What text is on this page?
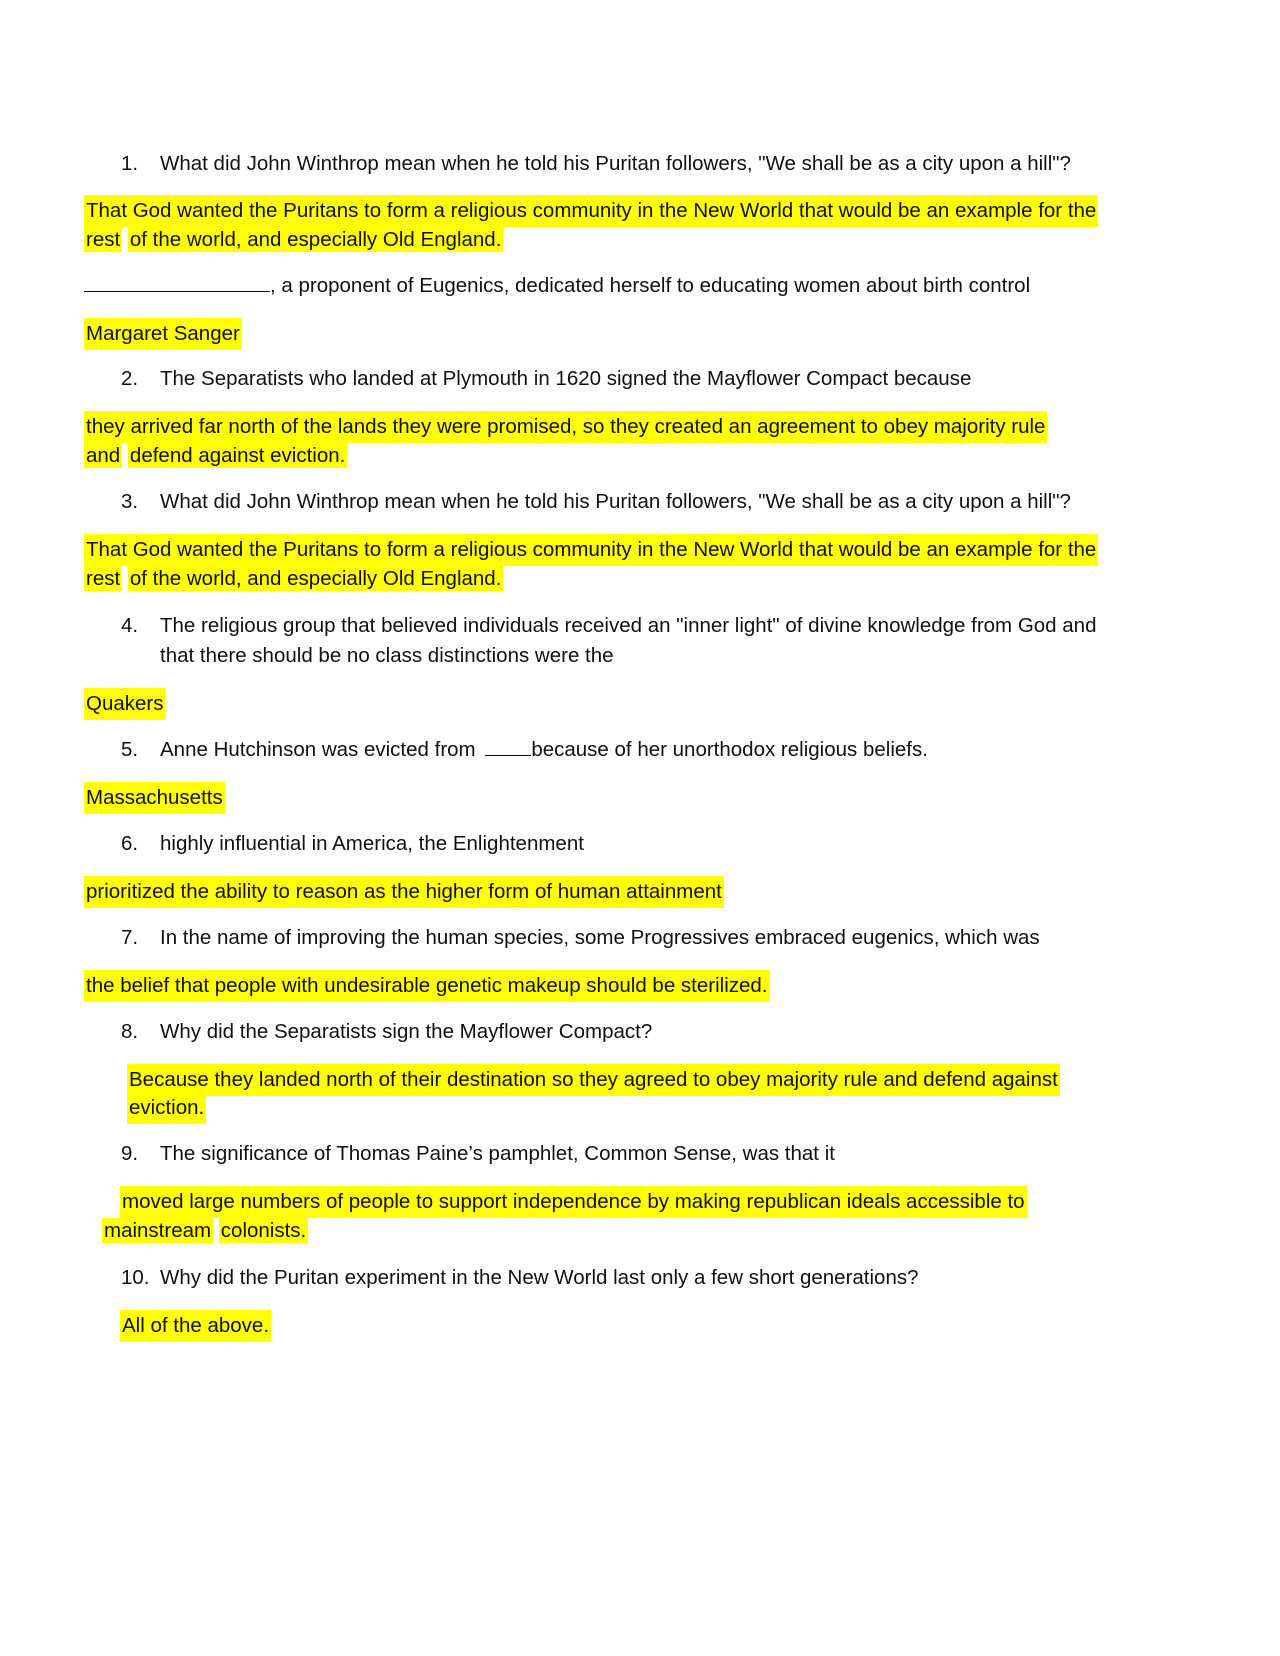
1.	What did John Winthrop mean when he told his Puritan followers, "We shall be as a city upon a hill"?
That God wanted the Puritans to form a religious community in the New World that would be an example for the
rest of the world, and especially Old England.
, a proponent of Eugenics, dedicated herself to educating women about birth control
Margaret Sanger
2.	The Separatists who landed at Plymouth in 1620 signed the Mayflower Compact because
they arrived far north of the lands they were promised, so they created an agreement to obey majority rule
and defend against eviction.
3.	What did John Winthrop mean when he told his Puritan followers, "We shall be as a city upon a hill"?
That God wanted the Puritans to form a religious community in the New World that would be an example for the
rest of the world, and especially Old England.
4.	The religious group that believed individuals received an "inner light" of divine knowledge from God and
that there should be no class distinctions were the
Quakers
5.	Anne Hutchinson was evicted from because of her unorthodox religious beliefs.
Massachusetts
6.	highly influential in America, the Enlightenment
prioritized the ability to reason as the higher form of human attainment
7.	In the name of improving the human species, some Progressives embraced eugenics, which was
the belief that people with undesirable genetic makeup should be sterilized.
8.	Why did the Separatists sign the Mayflower Compact?
Because they landed north of their destination so they agreed to obey majority rule and defend against
eviction.
9.	The significance of Thomas Paine’s pamphlet, Common Sense, was that it
moved large numbers of people to support independence by making republican ideals accessible to
mainstream colonists.
10. Why did the Puritan experiment in the New World last only a few short generations?
All of the above.
